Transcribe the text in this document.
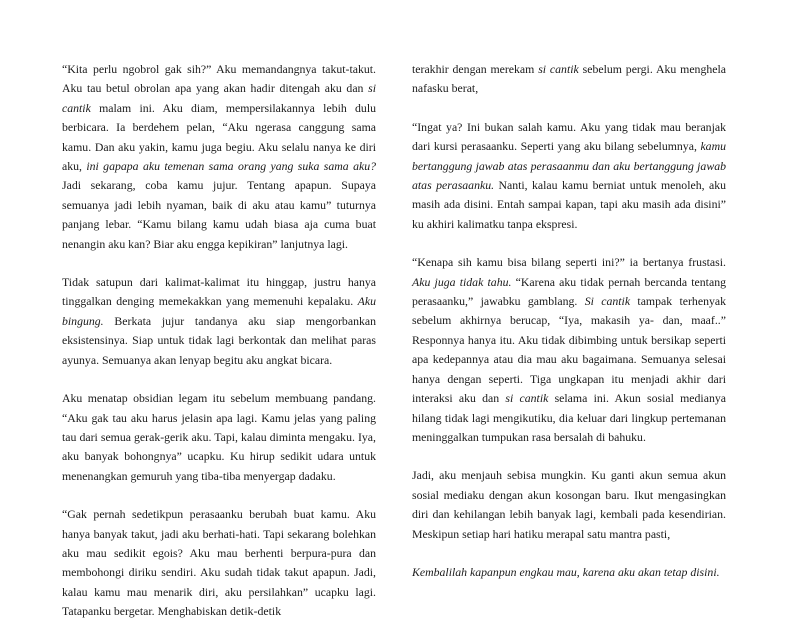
“Kita perlu ngobrol gak sih?” Aku memandangnya takut-takut. Aku tau betul obrolan apa yang akan hadir ditengah aku dan si cantik malam ini. Aku diam, mempersilakannya lebih dulu berbicara. Ia berdehem pelan, “Aku ngerasa canggung sama kamu. Dan aku yakin, kamu juga begiu. Aku selalu nanya ke diri aku, ini gapapa aku temenan sama orang yang suka sama aku? Jadi sekarang, coba kamu jujur. Tentang apapun. Supaya semuanya jadi lebih nyaman, baik di aku atau kamu” tuturnya panjang lebar. “Kamu bilang kamu udah biasa aja cuma buat nenangin aku kan? Biar aku engga kepikiran” lanjutnya lagi.

Tidak satupun dari kalimat-kalimat itu hinggap, justru hanya tinggalkan denging memekakkan yang memenuhi kepalaku. Aku bingung. Berkata jujur tandanya aku siap mengorbankan eksistensinya. Siap untuk tidak lagi berkontak dan melihat paras ayunya. Semuanya akan lenyap begitu aku angkat bicara.

Aku menatap obsidian legam itu sebelum membuang pandang. “Aku gak tau aku harus jelasin apa lagi. Kamu jelas yang paling tau dari semua gerak-gerik aku. Tapi, kalau diminta mengaku. Iya, aku banyak bohongnya” ucapku. Ku hirup sedikit udara untuk menenangkan gemuruh yang tiba-tiba menyergap dadaku.

“Gak pernah sedetikpun perasaanku berubah buat kamu. Aku hanya banyak takut, jadi aku berhati-hati. Tapi sekarang bolehkan aku mau sedikit egois? Aku mau berhenti berpura-pura dan membohongi diriku sendiri. Aku sudah tidak takut apapun. Jadi, kalau kamu mau menarik diri, aku persilahkan” ucapku lagi. Tatapanku bergetar. Menghabiskan detik-detik

terakhir dengan merekam si cantik sebelum pergi. Aku menghela nafasku berat,

“Ingat ya? Ini bukan salah kamu. Aku yang tidak mau beranjak dari kursi perasaanku. Seperti yang aku bilang sebelumnya, kamu bertanggung jawab atas perasaanmu dan aku bertanggung jawab atas perasaanku. Nanti, kalau kamu berniat untuk menoleh, aku masih ada disini. Entah sampai kapan, tapi aku masih ada disini” ku akhiri kalimatku tanpa ekspresi.

“Kenapa sih kamu bisa bilang seperti ini?” ia bertanya frustasi. Aku juga tidak tahu. “Karena aku tidak pernah bercanda tentang perasaanku,” jawabku gamblang. Si cantik tampak terhenyak sebelum akhirnya berucap, “Iya, makasih ya- dan, maaf..” Responnya hanya itu. Aku tidak dibimbing untuk bersikap seperti apa kedepannya atau dia mau aku bagaimana. Semuanya selesai hanya dengan seperti. Tiga ungkapan itu menjadi akhir dari interaksi aku dan si cantik selama ini. Akun sosial medianya hilang tidak lagi mengikutiku, dia keluar dari lingkup pertemanan meninggalkan tumpukan rasa bersalah di bahuku.

Jadi, aku menjauh sebisa mungkin. Ku ganti akun semua akun sosial mediaku dengan akun kosongan baru. Ikut mengasingkan diri dan kehilangan lebih banyak lagi, kembali pada kesendirian. Meskipun setiap hari hatiku merapal satu mantra pasti,

Kembalilah kapanpun engkau mau, karena aku akan tetap disini.
